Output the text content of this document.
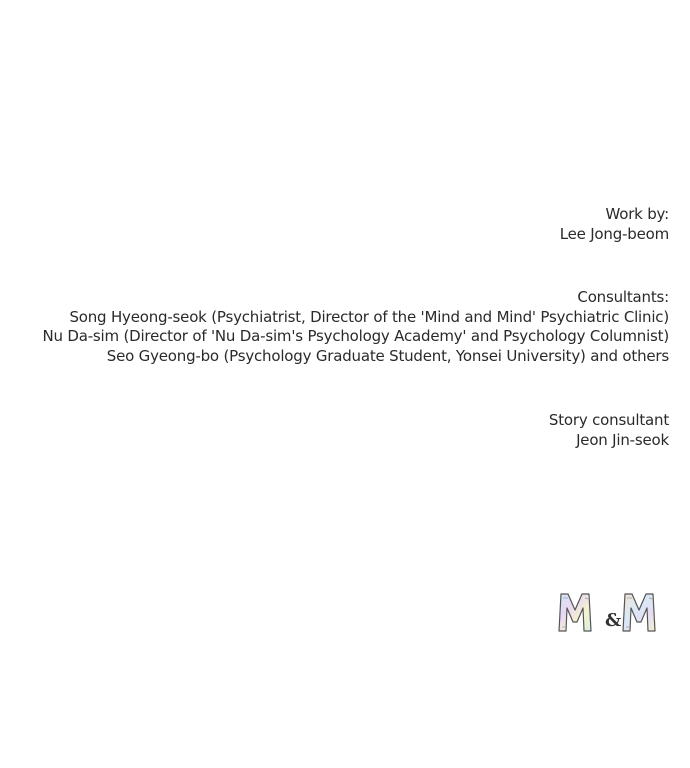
Work by:
Lee Jong-beom
Consultants:
Song Hyeong-seok (Psychiatrist, Director of the 'Mind and Mind' Psychiatric Clinic)
Nu Da-sim (Director of 'Nu Da-sim's Psychology Academy' and Psychology Columnist)
Seo Gyeong-bo (Psychology Graduate Student, Yonsei University) and others
Story consultant
Jeon Jin-seok
&
